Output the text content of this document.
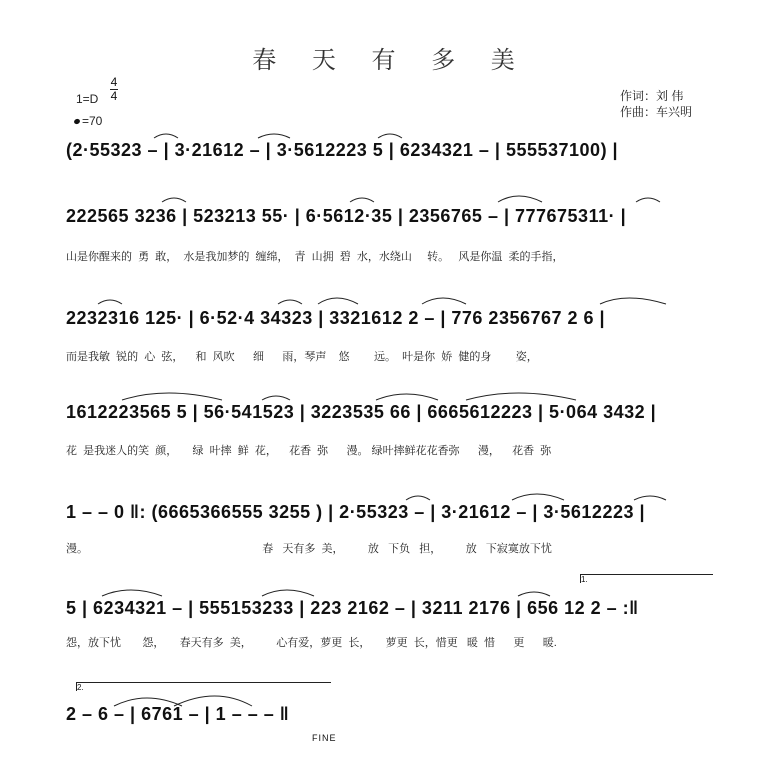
春 天 有 多 美
1=D
4
4
=70
作词：刘 伟
作曲：车兴明
(2·55323 – | 3·21612 – | 3·5612223 5 | 6234321 – | 555537100) |
222565 3236 | 523213 55· | 6·5612·35 | 2356765 – | 777675311· |
山是你醒来的  勇  敢，  水是我加梦的  缠绵，  青  山拥  碧  水，水绕山     转。   风是你温  柔的手指，
2232316 125· | 6·52·4 34323 | 3321612 2 – | 776 2356767 2 6 |
而是我敏  锐的  心  弦，    和  风吹      细      雨，琴声    悠        远。  叶是你  娇  健的身        姿，
1612223565 5 | 56·541523 | 3223535 66 | 6665612223 | 5·064 3432 |
花  是我迷人的笑  颜，     绿  叶摔  鲜  花，    花香  弥      漫。 绿叶摔鲜花花香弥      漫，    花香  弥
1 – – 0 ‖: (6665366555 3255 ) | 2·55323 – | 3·21612 – | 3·5612223 |
漫。                                                         春   天有多  美，        放   下负   担，        放   下寂寞放下忧
1.
5 | 6234321 – | 555153233 | 223 2162 – | 3211 2176 | 656 12 2 – :‖
怨，放下忧       怨，     春天有多  美，        心有爱，萝更  长，     萝更  长，惜更   暖  惜      更      暖.
2.
2 – 6 – | 6761 – | 1 – – – ‖
FINE
